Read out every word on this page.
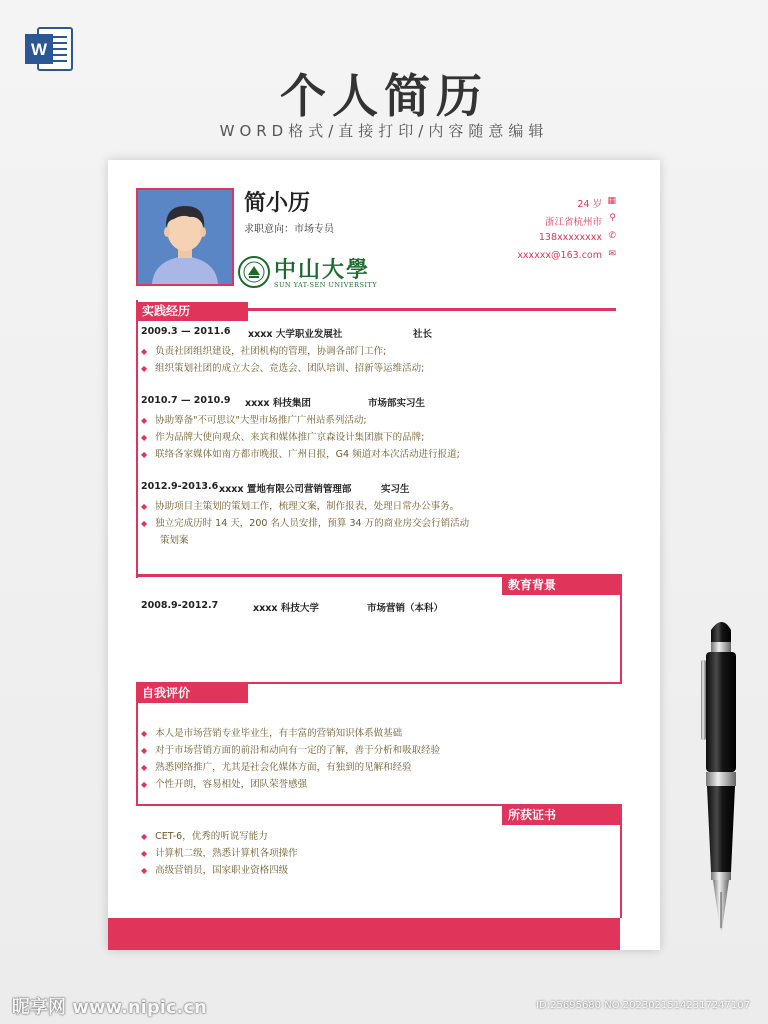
W
个人简历
WORD格式/直接打印/内容随意编辑
简小历
求职意向：市场专员
中山大學
SUN YAT-SEN UNIVERSITY
24 岁 ▦
浙江省杭州市 ⚲
138xxxxxxxx ✆
xxxxxx@163.com ✉
实践经历
2009.3 — 2011.6 xxxx 大学职业发展社	社长
◆ 负责社团组织建设，社团机构的管理，协调各部门工作;
◆ 组织策划社团的成立大会、竞选会、团队培训、招新等运维活动;
2010.7 — 2010.9 xxxx 科技集团	市场部实习生
◆ 协助筹备"不可思议"大型市场推广广州站系列活动;
◆ 作为品牌大使向观众、来宾和媒体推广京森设计集团旗下的品牌;
◆ 联络各家媒体如南方都市晚报、广州日报，G4 频道对本次活动进行报道;
2012.9-2013.6 xxxx 置地有限公司营销管理部	实习生
◆ 协助项目主策划的策划工作，梳理文案，制作报表，处理日常办公事务。
◆ 独立完成历时 14 天，200 名人员安排，预算 34 万的商业房交会行销活动
策划案
教育背景
2008.9-2012.7	xxxx 科技大学	市场营销（本科）
自我评价
◆ 本人是市场营销专业毕业生，有丰富的营销知识体系做基础
◆ 对于市场营销方面的前沿和动向有一定的了解，善于分析和吸取经验
◆ 熟悉网络推广，尤其是社会化媒体方面，有独到的见解和经验
◆ 个性开朗，容易相处，团队荣誉感强
所获证书
◆ CET-6，优秀的听说写能力
◆ 计算机二级，熟悉计算机各项操作
◆ 高级营销员，国家职业资格四级
昵享网 www.nipic.cn	ID:25695680 NO:20230215142317247107
